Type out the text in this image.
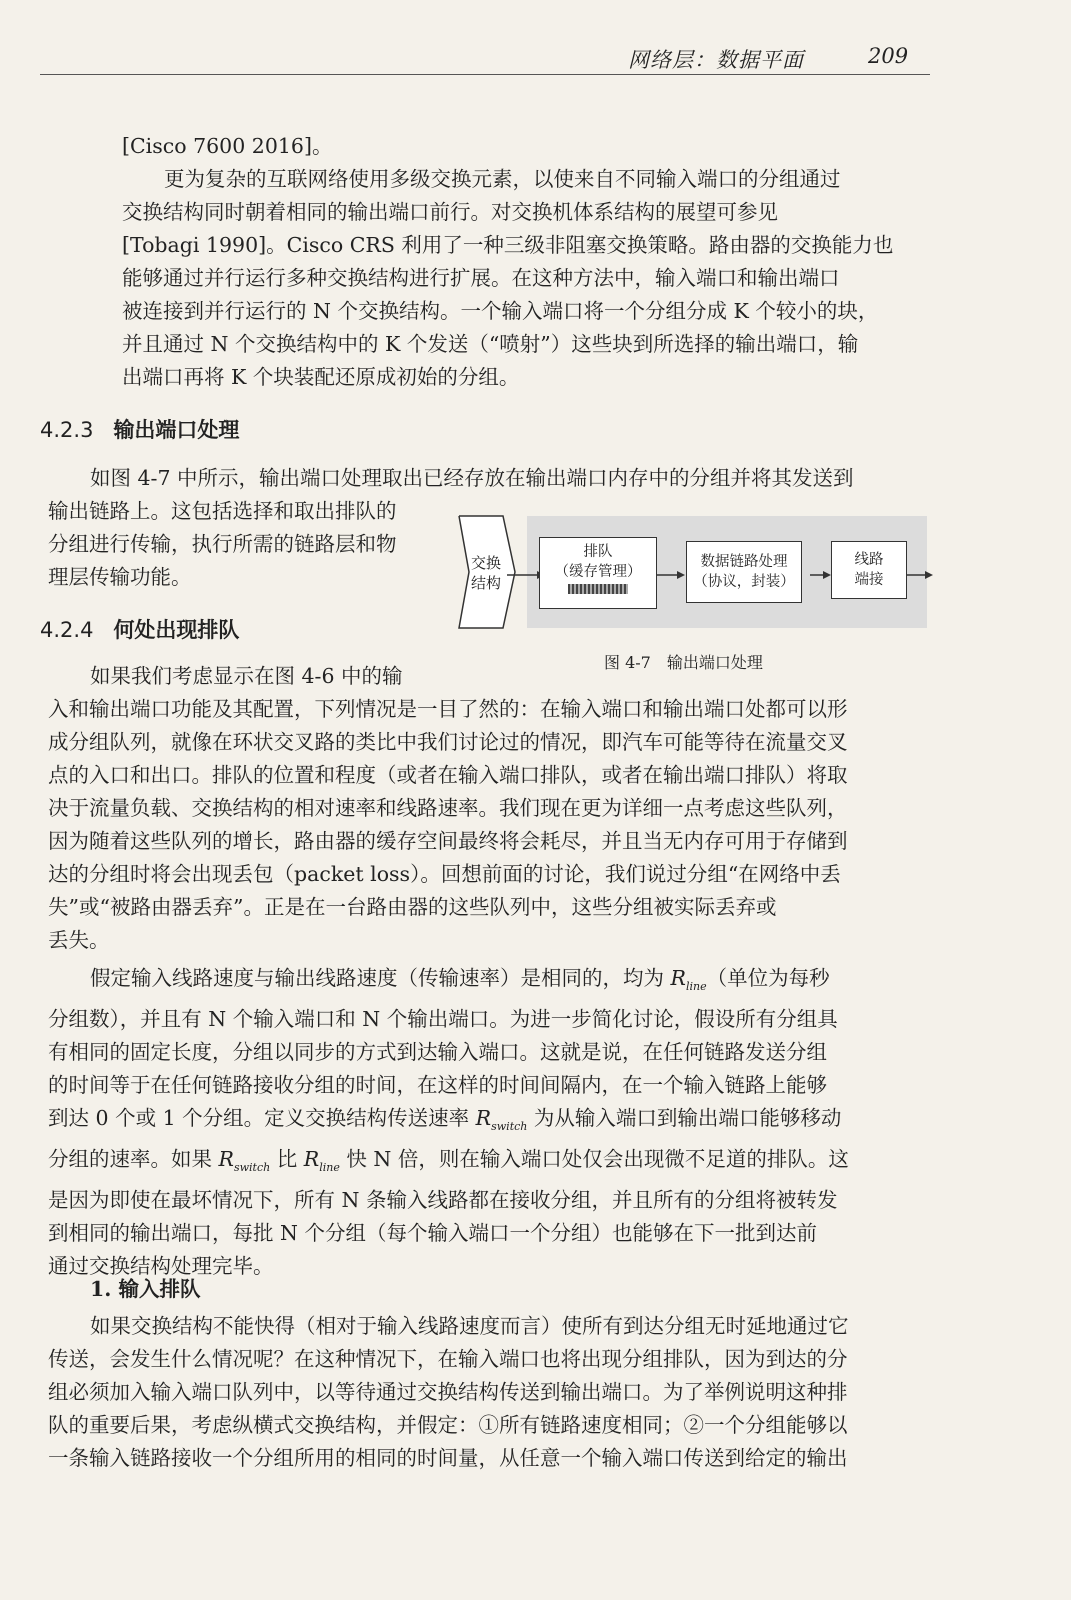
网络层：数据平面	209
[Cisco 7600 2016]。
更为复杂的互联网络使用多级交换元素，以使来自不同输入端口的分组通过
交换结构同时朝着相同的输出端口前行。对交换机体系结构的展望可参见
[Tobagi 1990]。Cisco CRS 利用了一种三级非阻塞交换策略。路由器的交换能力也
能够通过并行运行多种交换结构进行扩展。在这种方法中，输入端口和输出端口
被连接到并行运行的 N 个交换结构。一个输入端口将一个分组分成 K 个较小的块，
并且通过 N 个交换结构中的 K 个发送（“喷射”）这些块到所选择的输出端口，输
出端口再将 K 个块装配还原成初始的分组。
4.2.3 输出端口处理
如图 4-7 中所示，输出端口处理取出已经存放在输出端口内存中的分组并将其发送到
输出链路上。这包括选择和取出排队的
分组进行传输，执行所需的链路层和物
理层传输功能。
交换
结构
排队
（缓存管理）
数据链路处理
（协议，封装）
线路
端接
图 4-7　输出端口处理
4.2.4 何处出现排队
如果我们考虑显示在图 4-6 中的输
入和输出端口功能及其配置，下列情况是一目了然的：在输入端口和输出端口处都可以形
成分组队列，就像在环状交叉路的类比中我们讨论过的情况，即汽车可能等待在流量交叉
点的入口和出口。排队的位置和程度（或者在输入端口排队，或者在输出端口排队）将取
决于流量负载、交换结构的相对速率和线路速率。我们现在更为详细一点考虑这些队列，
因为随着这些队列的增长，路由器的缓存空间最终将会耗尽，并且当无内存可用于存储到
达的分组时将会出现丢包（packet loss）。回想前面的讨论，我们说过分组“在网络中丢
失”或“被路由器丢弃”。正是在一台路由器的这些队列中，这些分组被实际丢弃或
丢失。
假定输入线路速度与输出线路速度（传输速率）是相同的，均为 $R_{line}$（单位为每秒
分组数），并且有 N 个输入端口和 N 个输出端口。为进一步简化讨论，假设所有分组具
有相同的固定长度，分组以同步的方式到达输入端口。这就是说，在任何链路发送分组
的时间等于在任何链路接收分组的时间，在这样的时间间隔内，在一个输入链路上能够
到达 0 个或 1 个分组。定义交换结构传送速率 $R_{switch}$ 为从输入端口到输出端口能够移动
分组的速率。如果 $R_{switch}$ 比 $R_{line}$ 快 N 倍，则在输入端口处仅会出现微不足道的排队。这
是因为即使在最坏情况下，所有 N 条输入线路都在接收分组，并且所有的分组将被转发
到相同的输出端口，每批 N 个分组（每个输入端口一个分组）也能够在下一批到达前
通过交换结构处理完毕。
1. 输入排队
如果交换结构不能快得（相对于输入线路速度而言）使所有到达分组无时延地通过它
传送，会发生什么情况呢？在这种情况下，在输入端口也将出现分组排队，因为到达的分
组必须加入输入端口队列中，以等待通过交换结构传送到输出端口。为了举例说明这种排
队的重要后果，考虑纵横式交换结构，并假定：①所有链路速度相同；②一个分组能够以
一条输入链路接收一个分组所用的相同的时间量，从任意一个输入端口传送到给定的输出
